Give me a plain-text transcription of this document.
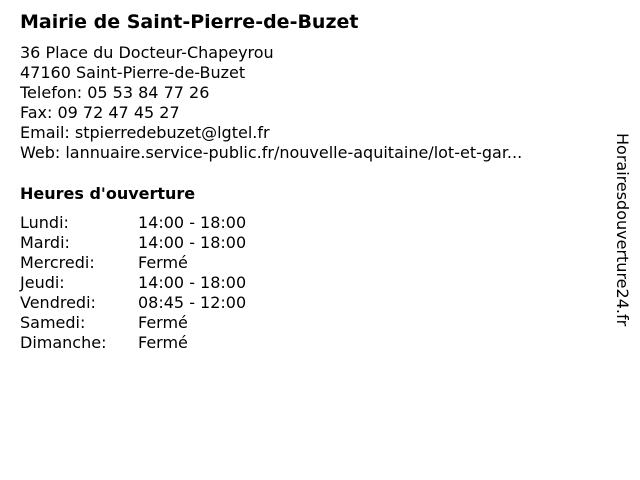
Mairie de Saint-Pierre-de-Buzet
36 Place du Docteur-Chapeyrou
47160 Saint-Pierre-de-Buzet
Telefon: 05 53 84 77 26
Fax: 09 72 47 45 27
Email: stpierredebuzet@lgtel.fr
Web: lannuaire.service-public.fr/nouvelle-aquitaine/lot-et-gar...
Heures d'ouverture
Lundi:	14:00 - 18:00
Mardi:	14:00 - 18:00
Mercredi:	Fermé
Jeudi:	14:00 - 18:00
Vendredi:	08:45 - 12:00
Samedi:	Fermé
Dimanche: Fermé
Horairesdouverture24.fr
